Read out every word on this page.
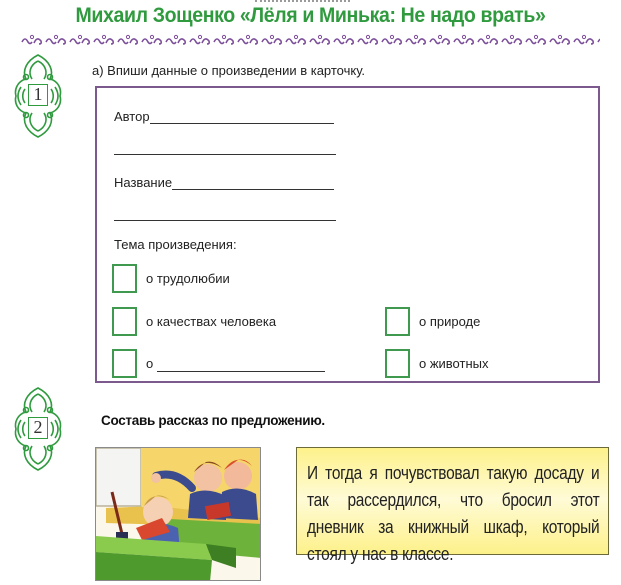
Михаил Зощенко «Лёля и Минька: Не надо врать»
1
а) Впиши данные о произведении в карточку.
Автор
Название
Тема произведения:
о трудолюбии
о качествах человека
о
о природе
о животных
2	Составь рассказ по предложению.

И тогда я почувствовал такую досаду и так рассердился, что бросил этот дневник за книжный шкаф, который стоял у нас в классе.
